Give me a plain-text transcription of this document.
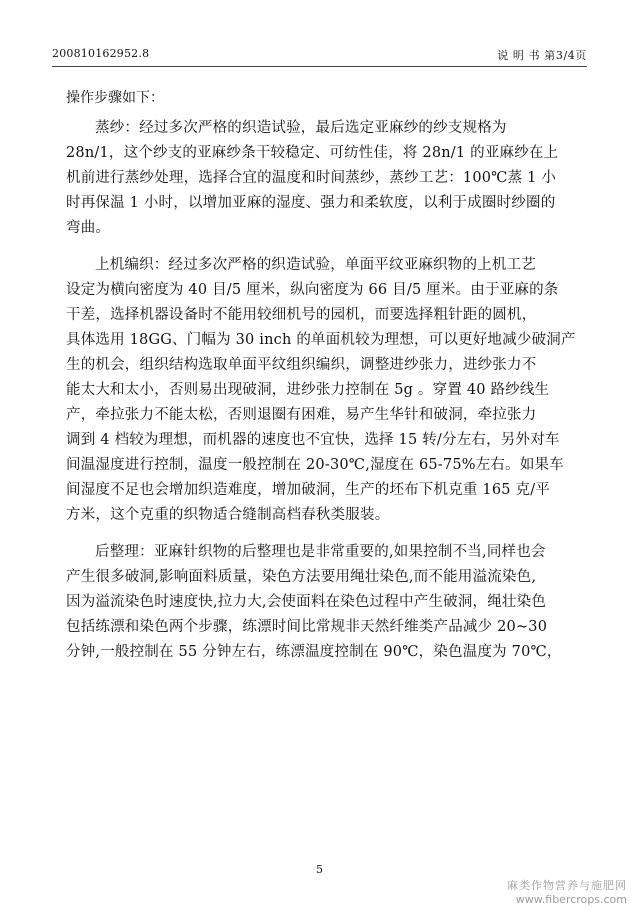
200810162952.8	说 明 书 第3/4页
操作步骤如下：
蒸纱：经过多次严格的织造试验，最后选定亚麻纱的纱支规格为
28n/1，这个纱支的亚麻纱条干较稳定、可纺性佳，将 28n/1 的亚麻纱在上
机前进行蒸纱处理，选择合宜的温度和时间蒸纱，蒸纱工艺：100℃蒸 1 小
时再保温 1 小时，以增加亚麻的湿度、强力和柔软度，以利于成圈时纱圈的
弯曲。
上机编织：经过多次严格的织造试验，单面平纹亚麻织物的上机工艺
设定为横向密度为 40 目/5 厘米，纵向密度为 66 目/5 厘米。由于亚麻的条
干差，选择机器设备时不能用较细机号的园机，而要选择粗针距的圆机，
具体选用 18GG、门幅为 30 inch 的单面机较为理想，可以更好地减少破洞产
生的机会，组织结构选取单面平纹组织编织，调整进纱张力，进纱张力不
能太大和太小，否则易出现破洞，进纱张力控制在 5g 。穿置 40 路纱线生
产，牵拉张力不能太松，否则退圈有困难，易产生华针和破洞，牵拉张力
调到 4 档较为理想，而机器的速度也不宜快，选择 15 转/分左右，另外对车
间温湿度进行控制，温度一般控制在 20-30℃,湿度在 65-75%左右。如果车
间湿度不足也会增加织造难度，增加破洞，生产的坯布下机克重 165 克/平
方米，这个克重的织物适合缝制高档春秋类服装。
后整理：亚麻针织物的后整理也是非常重要的,如果控制不当,同样也会
产生很多破洞,影响面料质量，染色方法要用绳壮染色,而不能用溢流染色,
因为溢流染色时速度快,拉力大,会使面料在染色过程中产生破洞，绳壮染色
包括练漂和染色两个步骤，练漂时间比常规非天然纤维类产品减少 20~30
分钟,一般控制在 55 分钟左右，练漂温度控制在 90℃，染色温度为 70℃，
5
麻类作物营养与施肥网
www.fibercrops.com
